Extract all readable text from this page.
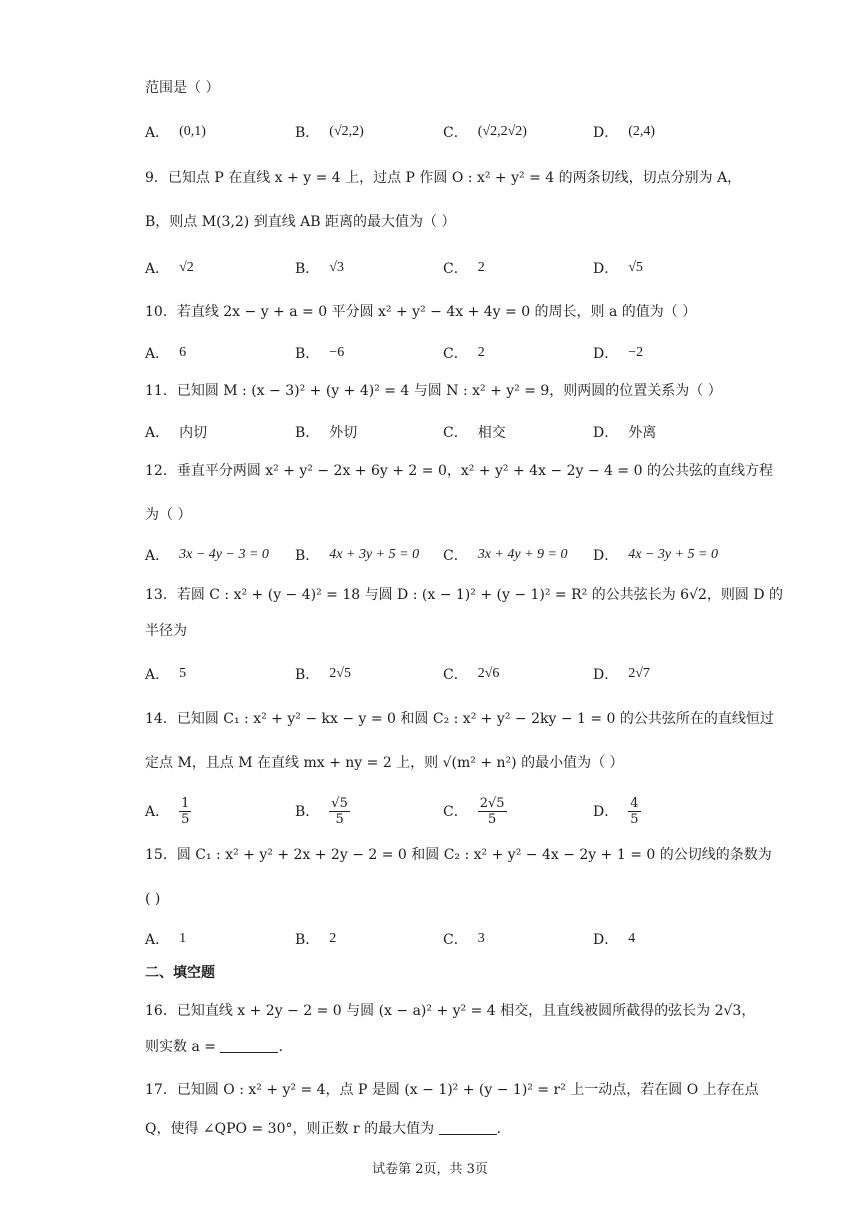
范围是（ ）
A． (0,1)	B． (√2,2)	C． (√2,2√2)	D． (2,4)
9．已知点 P 在直线 x + y = 4 上，过点 P 作圆 O : x² + y² = 4 的两条切线，切点分别为 A，
B，则点 M(3,2) 到直线 AB 距离的最大值为（ ）
A． √2	B． √3	C． 2	D． √5
10．若直线 2x − y + a = 0 平分圆 x² + y² − 4x + 4y = 0 的周长，则 a 的值为（ ）
A． 6	B． −6	C． 2	D． −2
11．已知圆 M : (x − 3)² + (y + 4)² = 4 与圆 N : x² + y² = 9，则两圆的位置关系为（ ）
A． 内切	B． 外切	C． 相交	D． 外离
12．垂直平分两圆 x² + y² − 2x + 6y + 2 = 0，x² + y² + 4x − 2y − 4 = 0 的公共弦的直线方程
为（ ）
A． 3x − 4y − 3 = 0 B． 4x + 3y + 5 = 0 C． 3x + 4y + 9 = 0 D． 4x − 3y + 5 = 0
13．若圆 C : x² + (y − 4)² = 18 与圆 D : (x − 1)² + (y − 1)² = R² 的公共弦长为 6√2，则圆 D 的
半径为
A． 5	B． 2√5	C． 2√6	D． 2√7
14．已知圆 C₁ : x² + y² − kx − y = 0 和圆 C₂ : x² + y² − 2ky − 1 = 0 的公共弦所在的直线恒过
定点 M，且点 M 在直线 mx + ny = 2 上，则 √(m² + n²) 的最小值为（ ）
A． $\frac{1}{5}$	B． $\frac{√5}{5}$	C． $\frac{2√5}{5}$	D． $\frac{4}{5}$
15．圆 C₁ : x² + y² + 2x + 2y − 2 = 0 和圆 C₂ : x² + y² − 4x − 2y + 1 = 0 的公切线的条数为
( )
A． 1	B． 2	C． 3	D． 4
二、填空题
16．已知直线 x + 2y − 2 = 0 与圆 (x − a)² + y² = 4 相交，且直线被圆所截得的弦长为 2√3，
则实数 a =	.
17．已知圆 O : x² + y² = 4，点 P 是圆 (x − 1)² + (y − 1)² = r² 上一动点，若在圆 O 上存在点
Q，使得 ∠QPO = 30°，则正数 r 的最大值为	.
试卷第 2页，共 3页
